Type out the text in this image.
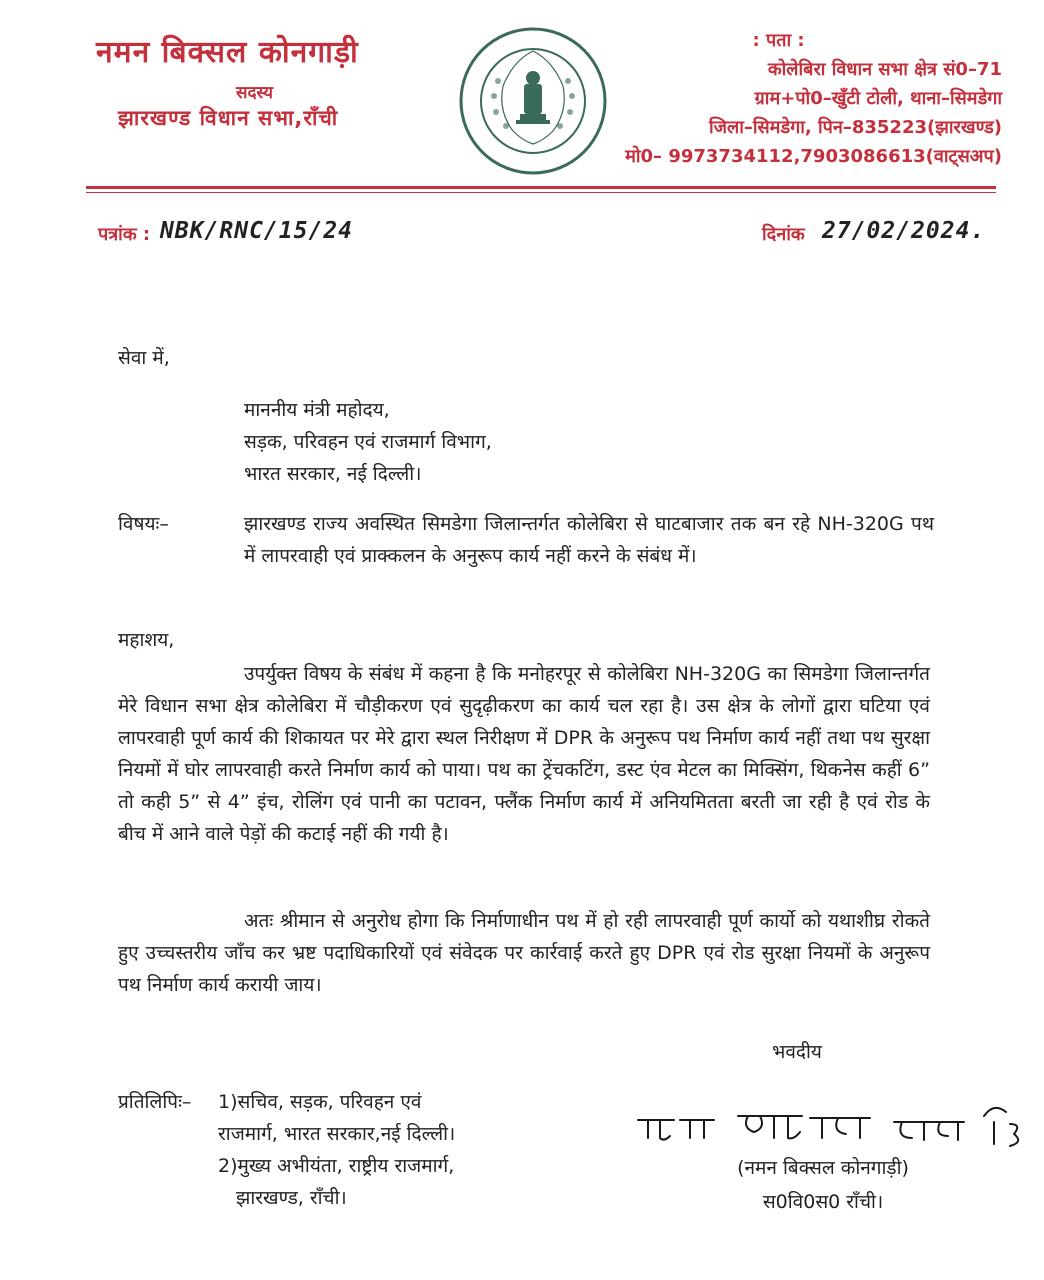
नमन बिक्सल कोनगाड़ी
सदस्य
झारखण्ड विधान सभा,राँची
: पता :
कोलेबिरा विधान सभा क्षेत्र सं0–71
ग्राम+पो0–खुँटी टोली, थाना–सिमडेगा
जिला–सिमडेगा, पिन–835223(झारखण्ड)
मो0– 9973734112,7903086613(वाट्सअप)
पत्रांक : NBK/RNC/15/24	दिनांक 27/02/2024.
सेवा में,
माननीय मंत्री महोदय,
सड़क, परिवहन एवं राजमार्ग विभाग,
भारत सरकार, नई दिल्ली।
विषयः–	झारखण्ड राज्य अवस्थित सिमडेगा जिलान्तर्गत कोलेबिरा से घाटबाजार तक बन रहे NH-320G पथ में लापरवाही एवं प्राक्कलन के अनुरूप कार्य नहीं करने के संबंध में।
महाशय,
उपर्युक्त विषय के संबंध में कहना है कि मनोहरपूर से कोलेबिरा NH-320G का सिमडेगा जिलान्तर्गत मेरे विधान सभा क्षेत्र कोलेबिरा में चौड़ीकरण एवं सुदृढ़ीकरण का कार्य चल रहा है। उस क्षेत्र के लोगों द्वारा घटिया एवं लापरवाही पूर्ण कार्य की शिकायत पर मेरे द्वारा स्थल निरीक्षण में DPR के अनुरूप पथ निर्माण कार्य नहीं तथा पथ सुरक्षा नियमों में घोर लापरवाही करते निर्माण कार्य को पाया। पथ का ट्रेंचकटिंग, डस्ट एंव मेटल का मिक्सिंग, थिकनेस कहीं 6” तो कही 5” से 4” इंच, रोलिंग एवं पानी का पटावन, फ्लैंक निर्माण कार्य में अनियमितता बरती जा रही है एवं रोड के बीच में आने वाले पेड़ों की कटाई नहीं की गयी है।
अतः श्रीमान से अनुरोध होगा कि निर्माणाधीन पथ में हो रही लापरवाही पूर्ण कार्यो को यथाशीघ्र रोकते हुए उच्चस्तरीय जाँच कर भ्रष्ट पदाधिकारियों एवं संवेदक पर कार्रवाई करते हुए DPR एवं रोड सुरक्षा नियमों के अनुरूप पथ निर्माण कार्य करायी जाय।
भवदीय
प्रतिलिपिः– 1)सचिव, सड़क, परिवहन एवं
राजमार्ग, भारत सरकार,नई दिल्ली।
2)मुख्य अभीयंता, राष्ट्रीय राजमार्ग,
झारखण्ड, राँची।
(नमन बिक्सल कोनगाड़ी)
स0वि0स0 राँची।
